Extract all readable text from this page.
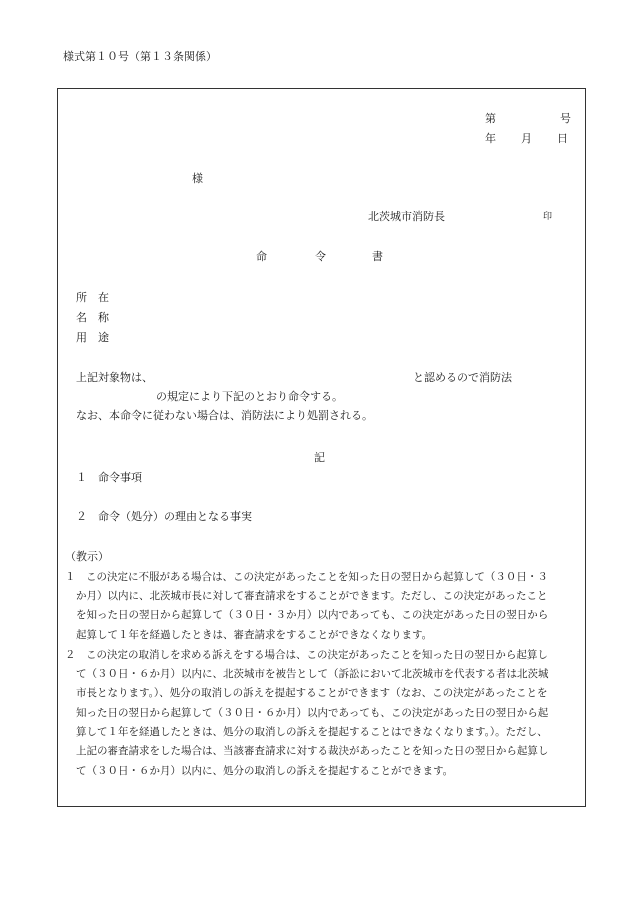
様式第１０号（第１３条関係）
第	号
年 月 日
様
北茨城市消防長	印
命	令	書
所　在
名　称
用　途
上記対象物は、	と認めるので消防法
の規定により下記のとおり命令する。
なお、本命令に従わない場合は、消防法により処罰される。
記
１　命令事項
２　命令（処分）の理由となる事実
（教示）
１　この決定に不服がある場合は、この決定があったことを知った日の翌日から起算して（３０日・３
か月）以内に、北茨城市長に対して審査請求をすることができます。ただし、この決定があったこと
を知った日の翌日から起算して（３０日・３か月）以内であっても、この決定があった日の翌日から
起算して１年を経過したときは、審査請求をすることができなくなります。
２　この決定の取消しを求める訴えをする場合は、この決定があったことを知った日の翌日から起算し
て（３０日・６か月）以内に、北茨城市を被告として（訴訟において北茨城市を代表する者は北茨城
市長となります。）、処分の取消しの訴えを提起することができます（なお、この決定があったことを
知った日の翌日から起算して（３０日・６か月）以内であっても、この決定があった日の翌日から起
算して１年を経過したときは、処分の取消しの訴えを提起することはできなくなります。）。ただし、
上記の審査請求をした場合は、当該審査請求に対する裁決があったことを知った日の翌日から起算し
て（３０日・６か月）以内に、処分の取消しの訴えを提起することができます。
